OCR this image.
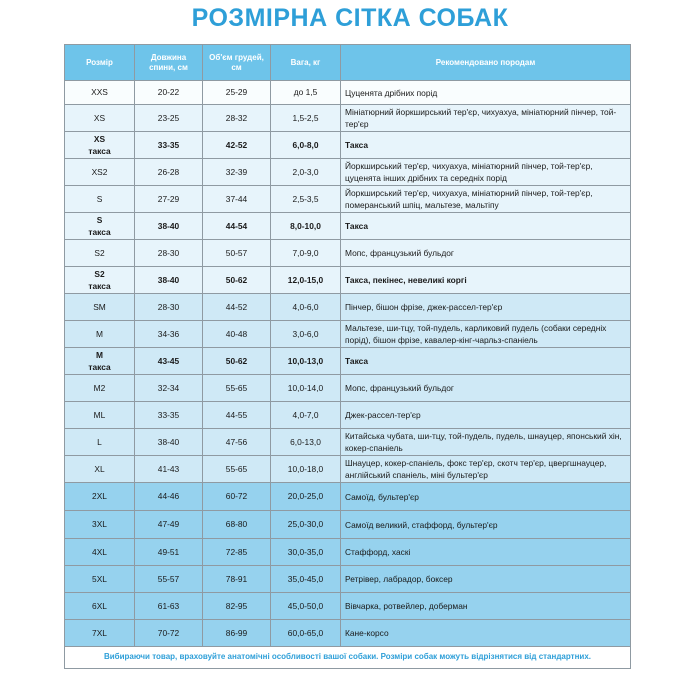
РОЗМІРНА СІТКА СОБАК
Розмір	Довжина спини, см	Об'єм грудей, см	Вага, кг	Рекомендовано породам

XXS	20-22	25-29	до 1,5	Цуценята дрібних порід

XS	23-25	28-32	1,5-2,5	Мініатюрний йоркширський тер'єр, чихуахуа, мініатюрний пінчер, той-тер'єр

XS
такса	33-35	42-52	6,0-8,0	Такса

XS2	26-28	32-39	2,0-3,0	Йоркширський тер'єр, чихуахуа, мініатюрний пінчер, той-тер'єр, цуценята інших дрібних та середніх порід

S	27-29	37-44	2,5-3,5	Йоркширський тер'єр, чихуахуа, мініатюрний пінчер, той-тер'єр, померанський шпіц, мальтезе, мальтіпу

S
такса	38-40	44-54	8,0-10,0	Такса

S2	28-30	50-57	7,0-9,0	Мопс, французький бульдог

S2
такса	38-40	50-62	12,0-15,0	Такса, пекінес, невеликі коргі

SM	28-30	44-52	4,0-6,0	Пінчер, бішон фрізе, джек-рассел-тер'єр

M	34-36	40-48	3,0-6,0	Мальтезе, ши-тцу, той-пудель, карликовий пудель (собаки середніх порід), бішон фрізе, кавалер-кінг-чарльз-спаніель

M
такса	43-45	50-62	10,0-13,0	Такса

M2	32-34	55-65	10,0-14,0	Мопс, французький бульдог

ML	33-35	44-55	4,0-7,0	Джек-рассел-тер'єр

L	38-40	47-56	6,0-13,0	Китайська чубата, ши-тцу, той-пудель, пудель, шнауцер, японський хін, кокер-спаніель

XL	41-43	55-65	10,0-18,0	Шнауцер, кокер-спаніель, фокс тер'єр, скотч тер'єр, цвергшнауцер, англійський спаніель, міні бультер'єр

2XL	44-46	60-72	20,0-25,0	Самоїд, бультер'єр

3XL	47-49	68-80	25,0-30,0	Самоїд великий, стаффорд, бультер'єр

4XL	49-51	72-85	30,0-35,0	Стаффорд, хаскі

5XL	55-57	78-91	35,0-45,0	Ретрівер, лабрадор, боксер

6XL	61-63	82-95	45,0-50,0	Вівчарка, ротвейлер, доберман

7XL	70-72	86-99	60,0-65,0	Кане-корсо
Вибираючи товар, враховуйте анатомічні особливості вашої собаки. Розміри собак можуть відрізнятися від стандартних.				
